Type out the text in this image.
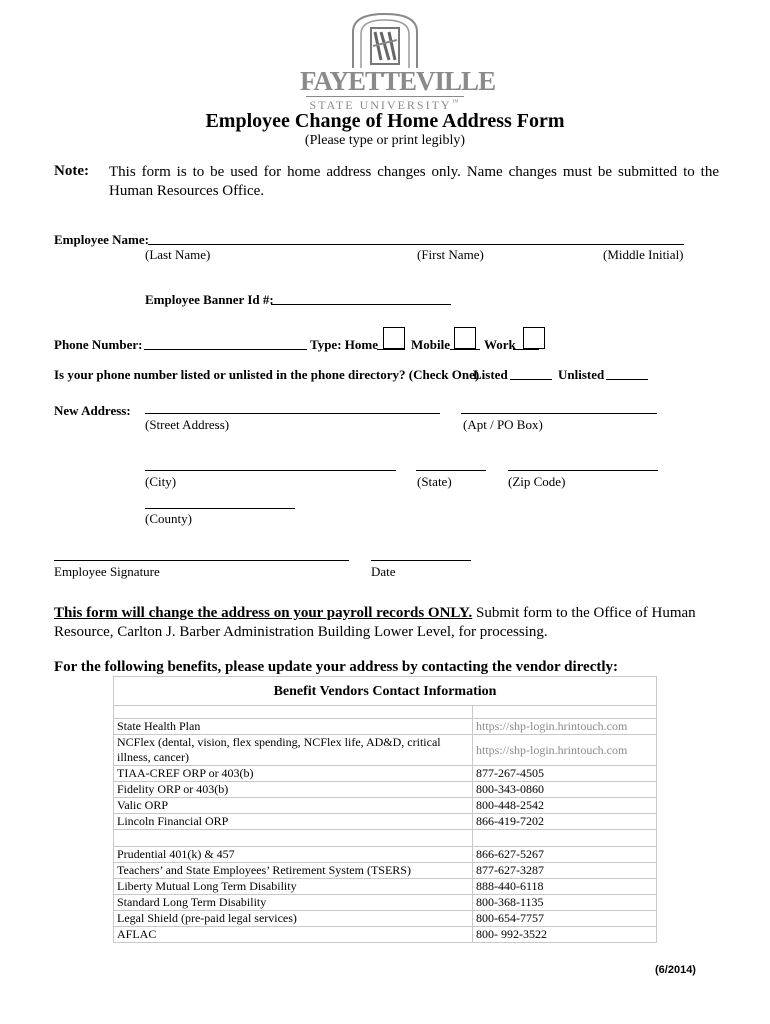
FAYETTEVILLE
STATE UNIVERSITY™
Employee Change of Home Address Form
(Please type or print legibly)
Note: This form is to be used for home address changes only. Name changes must be submitted to the Human Resources Office.
Employee Name:
(Last Name)	(First Name)	(Middle Initial)
Employee Banner Id #:
Phone Number:	Type: Home	Mobile	Work
Is your phone number listed or unlisted in the phone directory? (Check One)
Listed	Unlisted
New Address:
(Street Address)	(Apt / PO Box)
(City)	(State)	(Zip Code)
(County)
Employee Signature	Date
This form will change the address on your payroll records ONLY. Submit form to the Office of Human Resource, Carlton J. Barber Administration Building Lower Level, for processing.
For the following benefits, please update your address by contacting the vendor directly:
Benefit Vendors Contact Information	

State Health Plan	https://shp-login.hrintouch.com
NCFlex (dental, vision, flex spending, NCFlex life, AD&D, critical illness, cancer)	https://shp-login.hrintouch.com
TIAA-CREF ORP or 403(b)	877-267-4505
Fidelity ORP or 403(b)	800-343-0860
Valic ORP	800-448-2542
Lincoln Financial ORP	866-419-7202

Prudential 401(k) & 457	866-627-5267
Teachers’ and State Employees’ Retirement System (TSERS)	877-627-3287
Liberty Mutual Long Term Disability	888-440-6118
Standard Long Term Disability	800-368-1135
Legal Shield (pre-paid legal services)	800-654-7757
AFLAC	800- 992-3522
(6/2014)
